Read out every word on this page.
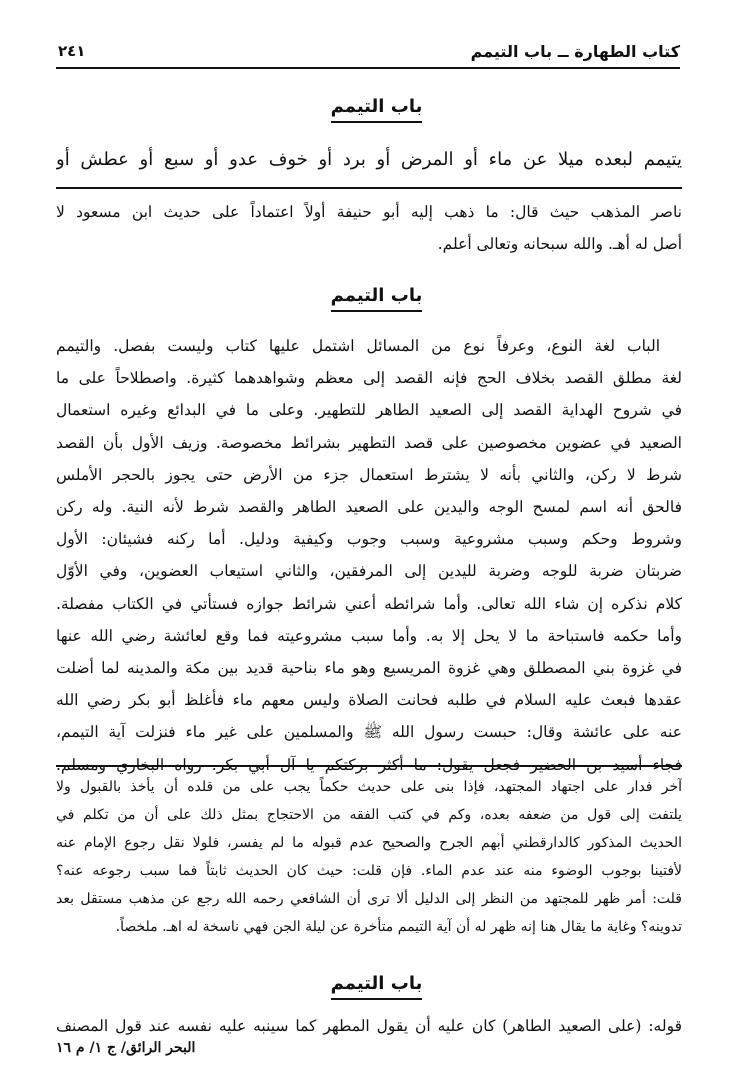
كتاب الطهارة ــ باب التيمم
٢٤١
باب التيمم
يتيمم لبعده ميلا عن ماء أو المرض أو برد أو خوف عدو أو سبع أو عطش أو
ناصر المذهب حيث قال: ما ذهب إليه أبو حنيفة أولاً اعتماداً على حديث ابن مسعود لا
أصل له أهـ. والله سبحانه وتعالى أعلم.
باب التيمم
الباب لغة النوع، وعرفاً نوع من المسائل اشتمل عليها كتاب وليست بفصل. والتيمم
لغة مطلق القصد بخلاف الحج فإنه القصد إلى معظم وشواهدهما كثيرة. واصطلاحاً على ما
في شروح الهداية القصد إلى الصعيد الطاهر للتطهير. وعلى ما في البدائع وغيره استعمال
الصعيد في عضوين مخصوصين على قصد التطهير بشرائط مخصوصة. وزيف الأول بأن القصد
شرط لا ركن، والثاني بأنه لا يشترط استعمال جزء من الأرض حتى يجوز بالحجر الأملس
فالحق أنه اسم لمسح الوجه واليدين على الصعيد الطاهر والقصد شرط لأنه النية. وله ركن
وشروط وحكم وسبب مشروعية وسبب وجوب وكيفية ودليل. أما ركنه فشيئان: الأول
ضربتان ضربة للوجه وضربة لليدين إلى المرفقين، والثاني استيعاب العضوين، وفي الأوّل
كلام نذكره إن شاء الله تعالى. وأما شرائطه أعني شرائط جوازه فستأتي في الكتاب مفصلة.
وأما حكمه فاستباحة ما لا يحل إلا به. وأما سبب مشروعيته فما وقع لعائشة رضي الله عنها
في غزوة بني المصطلق وهي غزوة المريسيع وهو ماء بناحية قديد بين مكة والمدينه لما أضلت
عقدها فبعث عليه السلام في طلبه فحانت الصلاة وليس معهم ماء فأغلظ أبو بكر رضي الله
عنه على عائشة وقال: حبست رسول الله ﷺ والمسلمين على غير ماء فنزلت آية التيمم،
آخر فدار على اجتهاد المجتهد، فإذا بنى على حديث حكماً يجب على من قلده أن يأخذ بالقبول ولا
يلتفت إلى قول من ضعفه بعده، وكم في كتب الفقه من الاحتجاج بمثل ذلك على أن من تكلم في
الحديث المذكور كالدارقطني أبهم الجرح والصحيح عدم قبوله ما لم يفسر، فلولا نقل رجوع الإمام عنه
لأفتينا بوجوب الوضوء منه عند عدم الماء. فإن قلت: حيث كان الحديث ثابتاً فما سبب رجوعه عنه؟
قلت: أمر ظهر للمجتهد من النظر إلى الدليل ألا ترى أن الشافعي رحمه الله رجع عن مذهب مستقل بعد
تدوينه؟ وغاية ما يقال هنا إنه ظهر له أن آية التيمم متأخرة عن ليلة الجن فهي ناسخة له اهـ. ملخصاً.
باب التيمم
قوله: (على الصعيد الطاهر) كان عليه أن يقول المطهر كما سينبه عليه نفسه عند قول المصنف
البحر الرائق/ ج ١/ م ١٦
